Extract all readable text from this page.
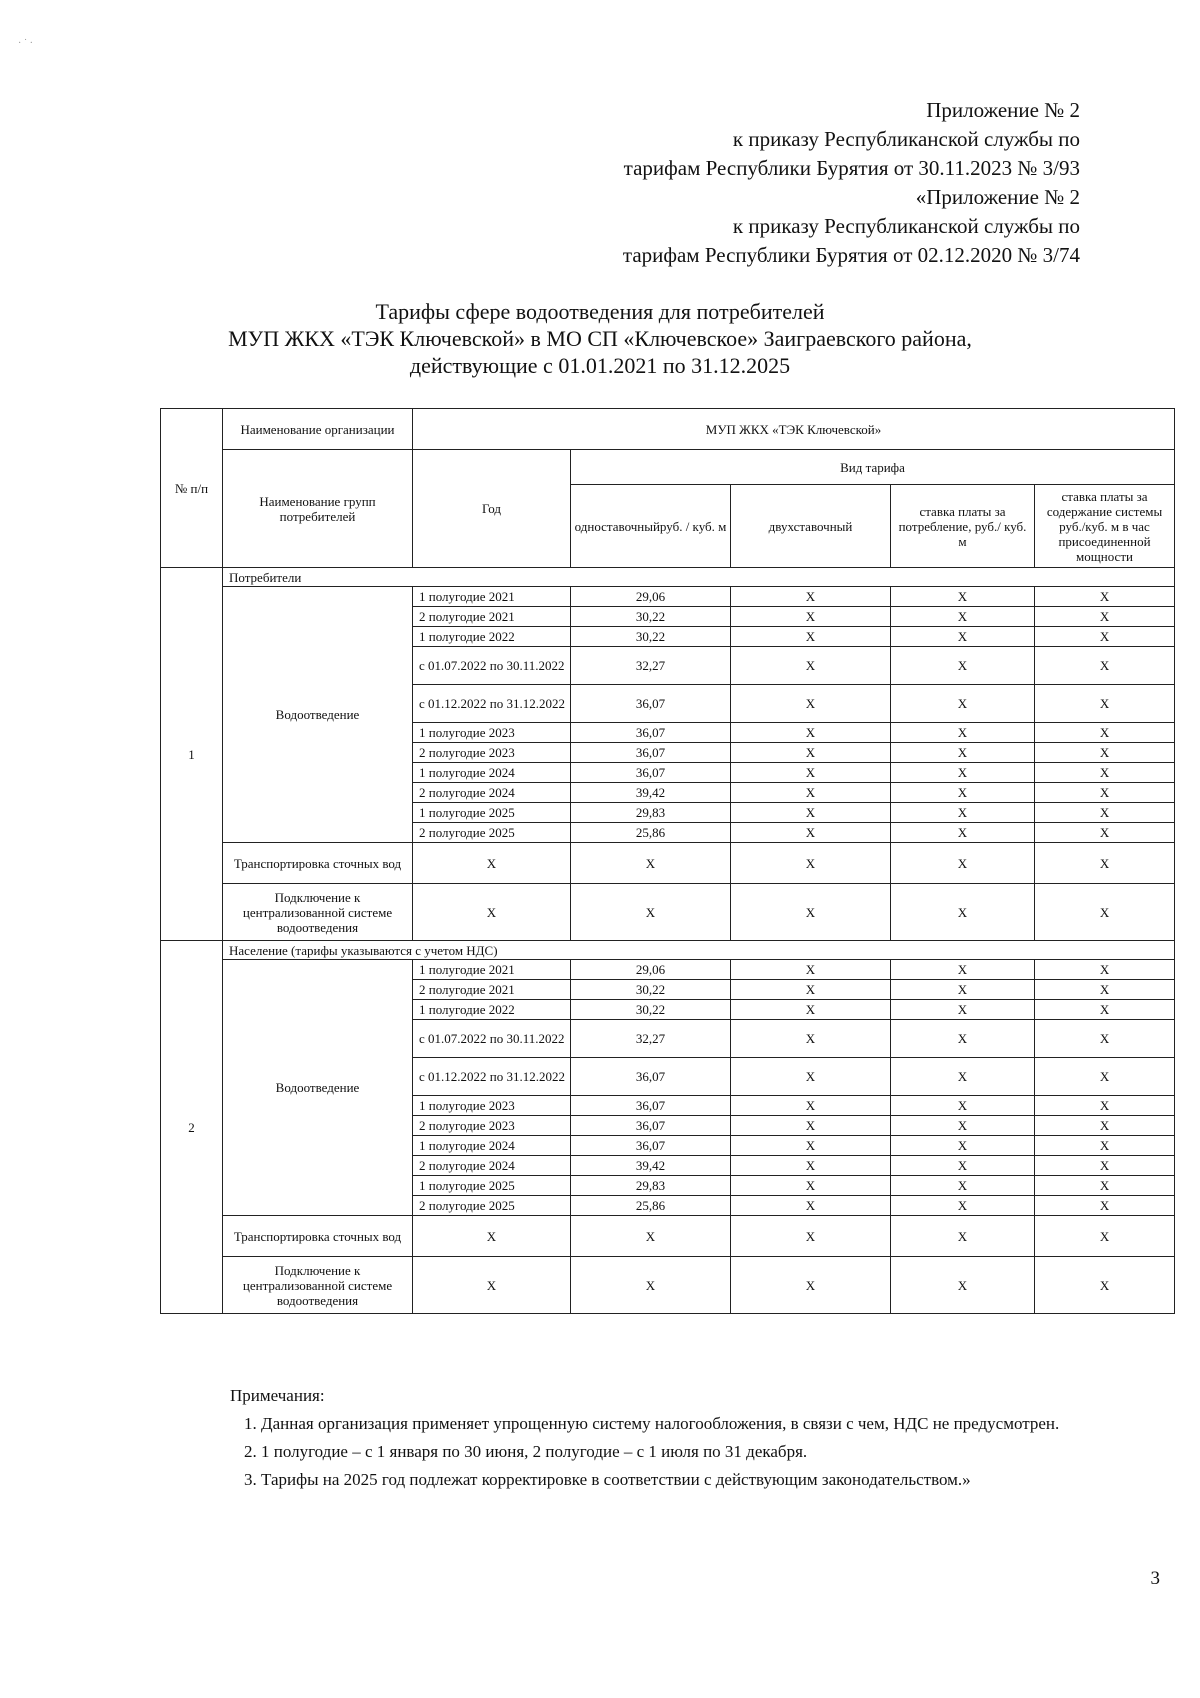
· ˙ ·
Приложение № 2
к приказу Республиканской службы по
тарифам Республики Бурятия от 30.11.2023 № 3/93
«Приложение № 2
к приказу Республиканской службы по
тарифам Республики Бурятия от 02.12.2020 № 3/74
Тарифы сфере водоотведения для потребителей
МУП ЖКХ «ТЭК Ключевской» в МО СП «Ключевское» Заиграевского района,
действующие с 01.01.2021 по 31.12.2025
№ п/п	Наименование организации	МУП ЖКХ «ТЭК Ключевской»				
	Наименование групп потребителей	Год	Вид тарифа			
			одноставочныйруб. / куб. м	двухставочный	ставка платы за потребление, руб./ куб. м	ставка платы за содержание системы руб./куб. м в час присоединенной мощности
1	Потребители					
	Водоотведение	1 полугодие 2021	29,06	X	X	X
		2 полугодие 2021	30,22	X	X	X
		1 полугодие 2022	30,22	X	X	X
		с 01.07.2022 по 30.11.2022	32,27	X	X	X
		с 01.12.2022 по 31.12.2022	36,07	X	X	X
		1 полугодие 2023	36,07	X	X	X
		2 полугодие 2023	36,07	X	X	X
		1 полугодие 2024	36,07	X	X	X
		2 полугодие 2024	39,42	X	X	X
		1 полугодие 2025	29,83	X	X	X
		2 полугодие 2025	25,86	X	X	X
	Транспортировка сточных вод	X	X	X	X	X
	Подключение к централизованной системе водоотведения	X	X	X	X	X
2	Население (тарифы указываются с учетом НДС)					
	Водоотведение	1 полугодие 2021	29,06	X	X	X
		2 полугодие 2021	30,22	X	X	X
		1 полугодие 2022	30,22	X	X	X
		с 01.07.2022 по 30.11.2022	32,27	X	X	X
		с 01.12.2022 по 31.12.2022	36,07	X	X	X
		1 полугодие 2023	36,07	X	X	X
		2 полугодие 2023	36,07	X	X	X
		1 полугодие 2024	36,07	X	X	X
		2 полугодие 2024	39,42	X	X	X
		1 полугодие 2025	29,83	X	X	X
		2 полугодие 2025	25,86	X	X	X
	Транспортировка сточных вод	X	X	X	X	X
	Подключение к централизованной системе водоотведения	X	X	X	X	X

Примечания:

1. Данная организация применяет упрощенную систему налогообложения, в связи с чем, НДС не предусмотрен.

2. 1 полугодие – с 1 января по 30 июня, 2 полугодие – с 1 июля по 31 декабря.

3. Тарифы на 2025 год подлежат корректировке в соответствии с действующим законодательством.»

3
